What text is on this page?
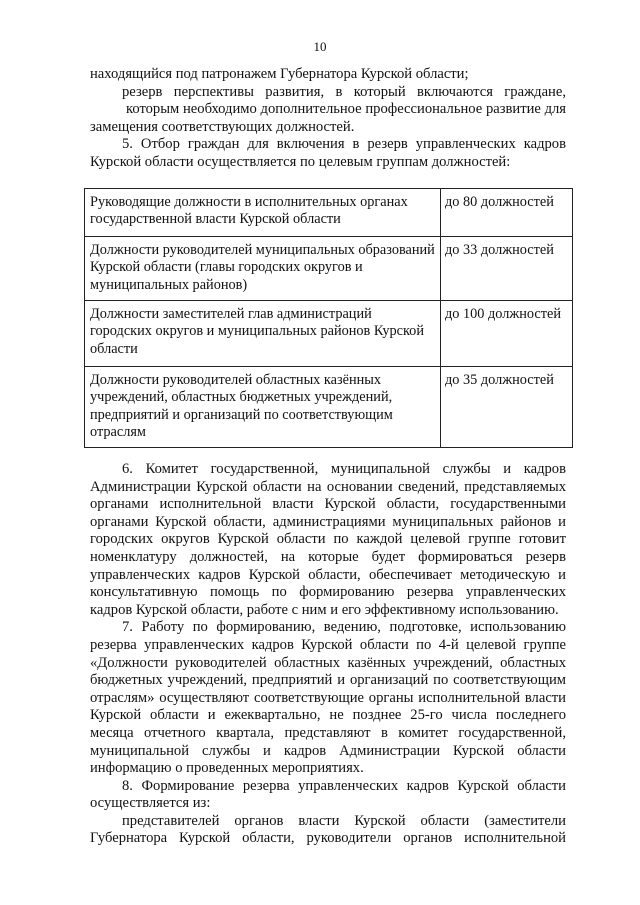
10
находящийся под патронажем Губернатора Курской области;
резерв перспективы развития, в который включаются граждане,
которым необходимо дополнительное профессиональное развитие для
замещения соответствующих должностей.
5. Отбор граждан для включения в резерв управленческих кадров
Курской области осуществляется по целевым группам должностей:
Руководящие должности в исполнительных органах государственной власти Курской области	до 80 должностей
Должности руководителей муниципальных образований Курской области (главы городских округов и муниципальных районов)	до 33 должностей
Должности заместителей глав администраций городских округов и муниципальных районов Курской области	до 100 должностей
Должности руководителей областных казённых учреждений, областных бюджетных учреждений, предприятий и организаций по соответствующим отраслям	до 35 должностей
6. Комитет государственной, муниципальной службы и кадров
Администрации Курской области на основании сведений, представляемых
органами исполнительной власти Курской области, государственными
органами Курской области, администрациями муниципальных районов и
городских округов Курской области по каждой целевой группе готовит
номенклатуру должностей, на которые будет формироваться резерв
управленческих кадров Курской области, обеспечивает методическую и
консультативную помощь по формированию резерва управленческих
кадров Курской области, работе с ним и его эффективному использованию.
7. Работу по формированию, ведению, подготовке, использованию
резерва управленческих кадров Курской области по 4-й целевой группе
«Должности руководителей областных казённых учреждений, областных
бюджетных учреждений, предприятий и организаций по соответствующим
отраслям» осуществляют соответствующие органы исполнительной власти
Курской области и ежеквартально, не позднее 25-го числа последнего
месяца отчетного квартала, представляют в комитет государственной,
муниципальной службы и кадров Администрации Курской области
информацию о проведенных мероприятиях.
8. Формирование резерва управленческих кадров Курской области
осуществляется из:
представителей органов власти Курской области (заместители
Губернатора Курской области, руководители органов исполнительной
